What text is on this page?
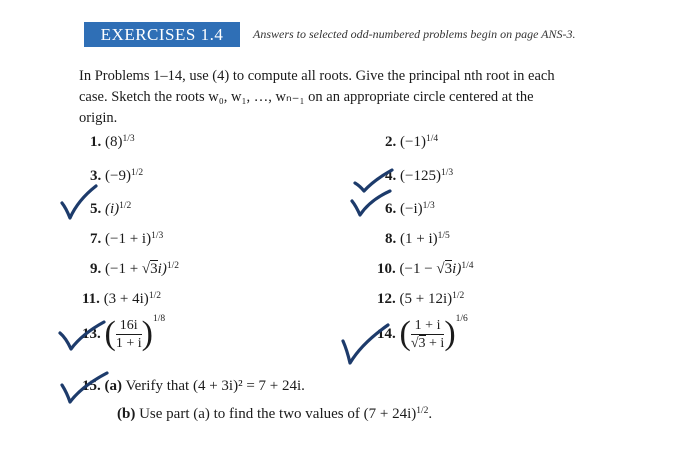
EXERCISES 1.4	Answers to selected odd-numbered problems begin on page ANS-3.
In Problems 1–14, use (4) to compute all roots. Give the principal nth root in each
case. Sketch the roots w₀, w₁, …, wₙ₋₁ on an appropriate circle centered at the
origin.
1. $(8)^{1/3}$
3. $(-9)^{1/2}$
5. $(i)^{1/2}$
7. $(-1 + i)^{1/3}$
9. $(-1 + √3i)^{1/2}$
11. $(3 + 4i)^{1/2}$
13. ( $\frac{16i}{1 + i} )^{1/8}$
15. (a) Verify that (4 + 3i)² = 7 + 24i.
(b) Use part (a) to find the two values of $(7 + 24i)^{1/2}$.
2. $(-1)^{1/4}$
4. $(-125)^{1/3}$
6. $(-i)^{1/3}$
8. $(1 + i)^{1/5}$
10. $(-1 - √3i)^{1/4}$
12. $(5 + 12i)^{1/2}$
14. ( $\frac{1 + i}{√3 + i} )^{1/6}$
